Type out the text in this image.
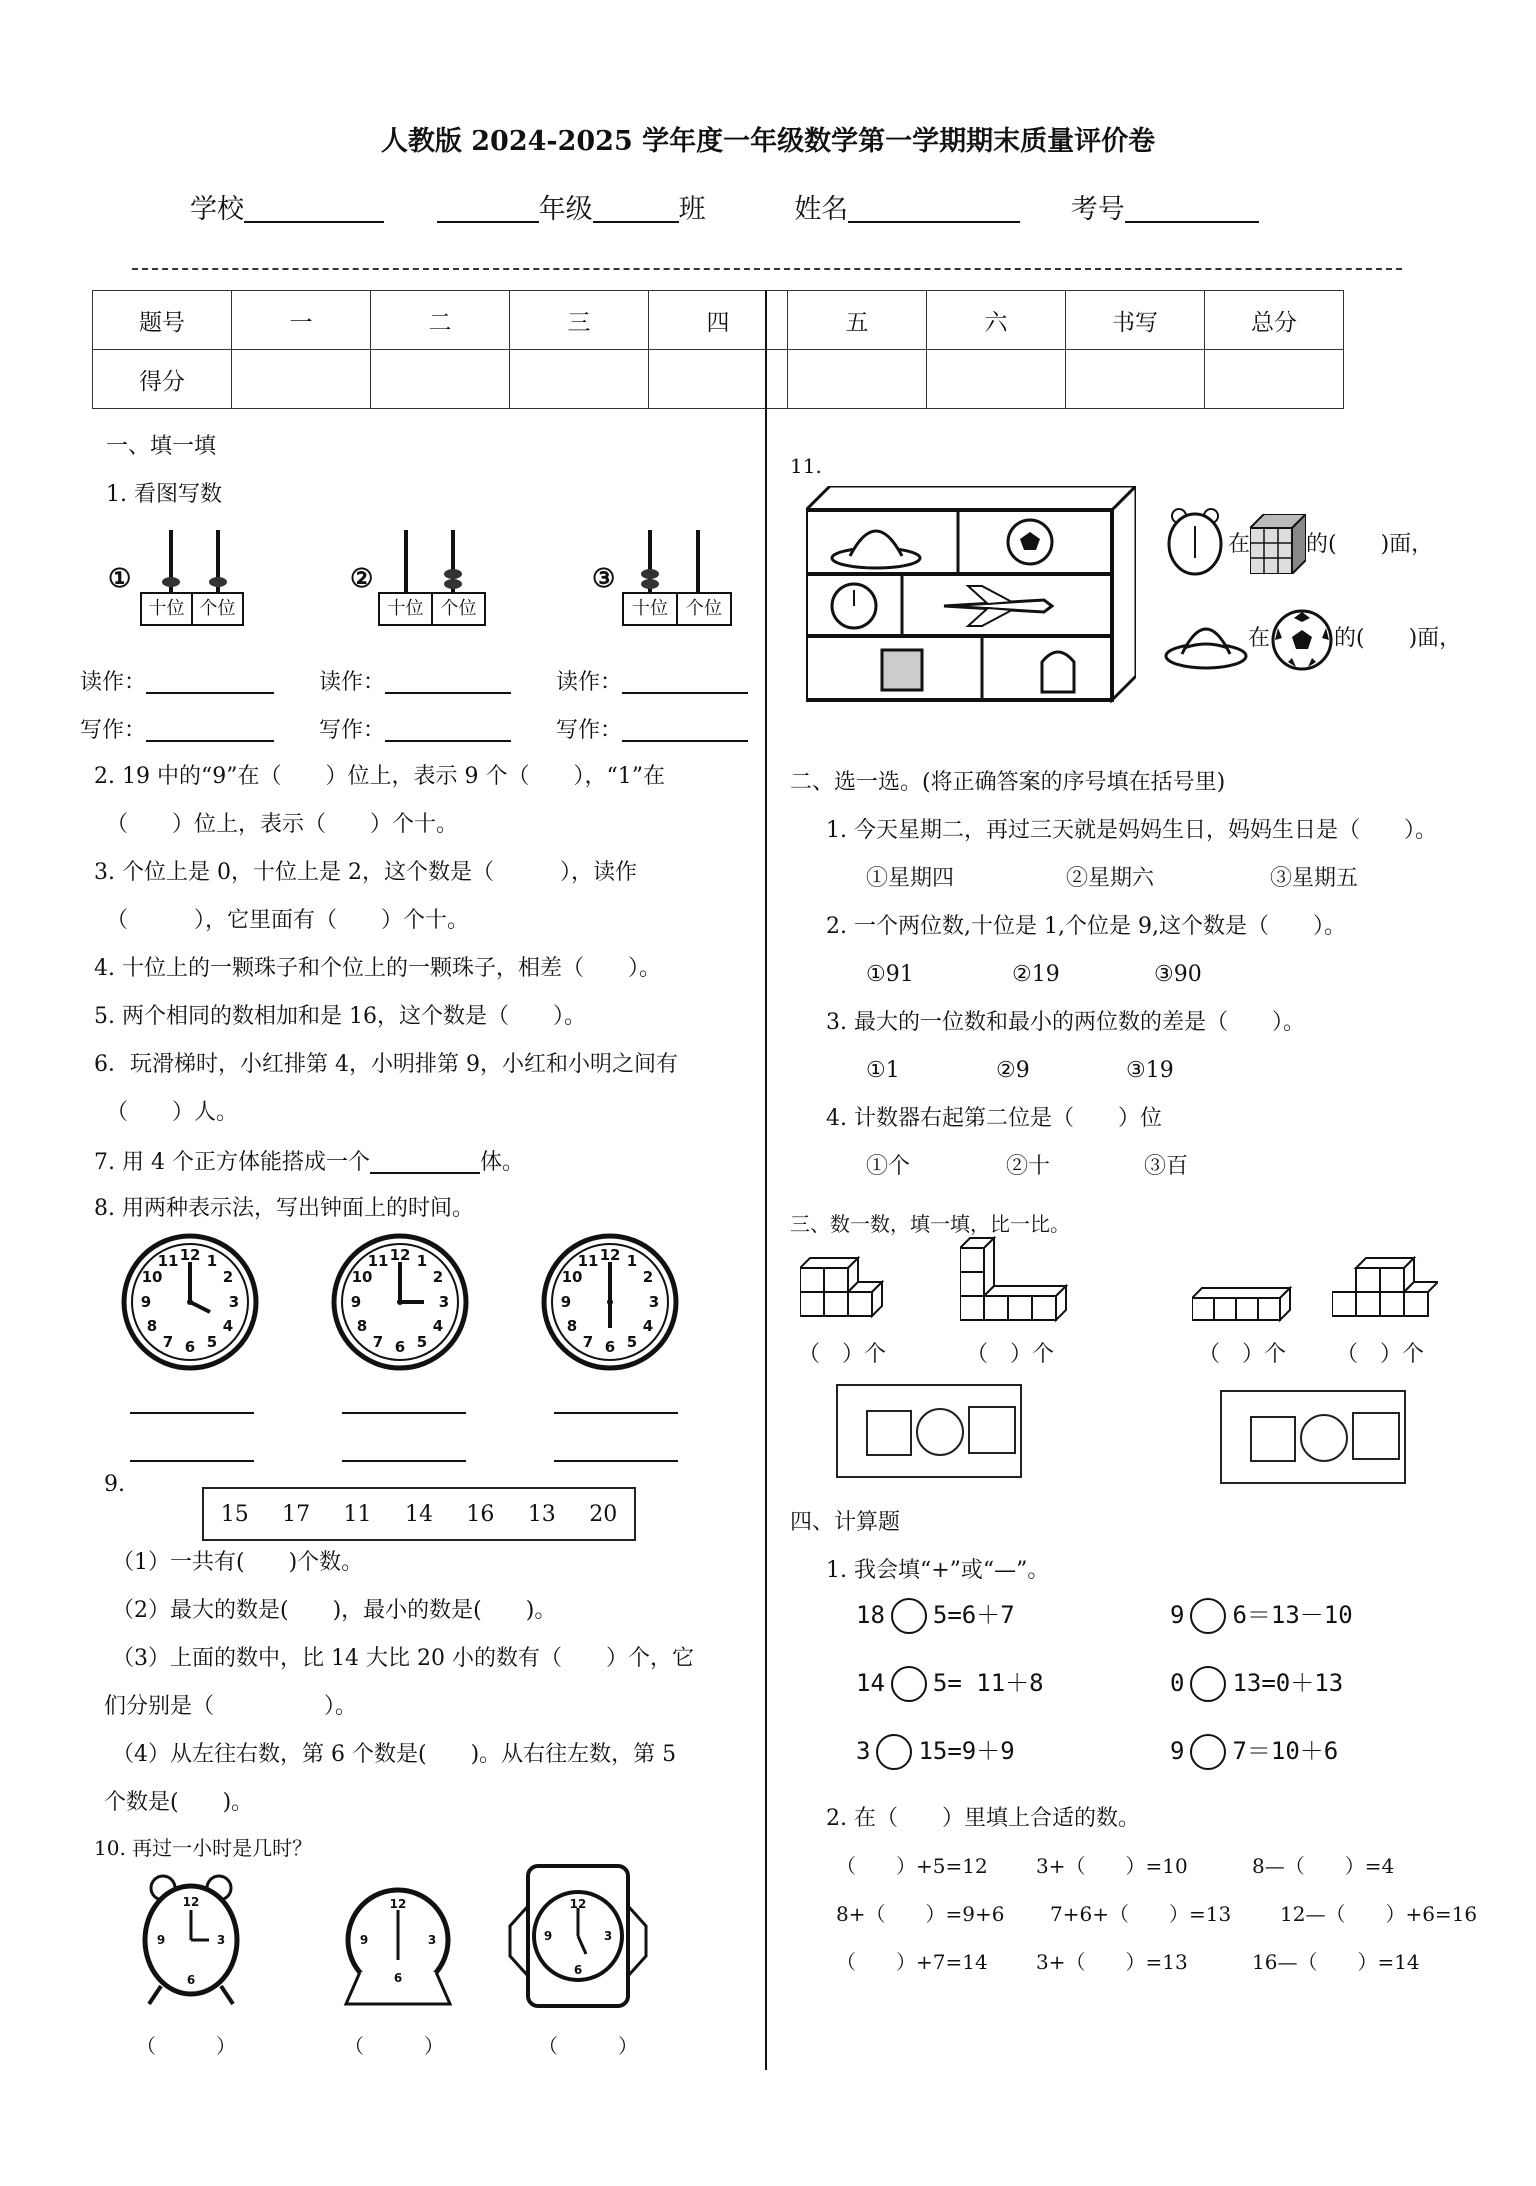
人教版 2024-2025 学年度一年级数学第一学期期末质量评价卷
学校	年级	班	姓名	考号
题号	一	二	三	四	五	六	书写	总分
得分								
一、填一填
1. 看图写数
①
十位 个位
②
十位 个位
③
十位	个位
读作：	读作：	读作：
写作：	写作：	写作：
2. 19 中的“9”在（　　）位上，表示 9 个（　　），“1”在
（　　）位上，表示（　　）个十。
3. 个位上是 0，十位上是 2，这个数是（　　　），读作
（　　　），它里面有（　　）个十。
4. 十位上的一颗珠子和个位上的一颗珠子，相差（　　）。
5. 两个相同的数相加和是 16，这个数是（　　）。
6．玩滑梯时，小红排第 4，小明排第 9，小红和小明之间有
（　　）人。
7. 用 4 个正方体能搭成一个	体。
8. 用两种表示法，写出钟面上的时间。
12 1
2
3
4
5
6
7
8
9
10
11	12 1
2
3
4
5
6
7
8
9
10
11	12 1
2
3
4
5
6
7
8
9
10
11
9.
15 17 11 14 16 13 20
（1）一共有(　　)个数。
（2）最大的数是(　　)，最小的数是(　　)。
（3）上面的数中，比 14 大比 20 小的数有（　　）个，它
们分别是（　　　　　）。
（4）从左往右数，第 6 个数是(　　)。从右往左数，第 5
个数是(　　)。
10. 再过一小时是几时？
12
3
6
9
12
3
6
9
12
3
6
9
（　　　）	（　　　）	（　　　）
11.
在	的(　　)面，
在	的(　　)面，
二、选一选。(将正确答案的序号填在括号里)
1. 今天星期二，再过三天就是妈妈生日，妈妈生日是（　　）。
①星期四	②星期六	③星期五
2. 一个两位数,十位是 1,个位是 9,这个数是（　　）。
①91	②19	③90
3. 最大的一位数和最小的两位数的差是（　　）。
①1	②9	③19
4. 计数器右起第二位是（　　）位
①个	②十	③百
三、数一数，填一填，比一比。
（　）个	（　）个	（　）个 （　）个
四、计算题
1. 我会填“+”或“—”。
18 5=6＋7	9 6＝13－10
14 5= 11＋8	0 13=0＋13
3 15=9＋9	9 7＝10＋6
2. 在（　　）里填上合适的数。
（　　）+5=12 3+（　　）=10	8—（　　）=4
8+（　　）=9+6 7+6+（　　）=13 12—（　　）+6=16
（　　）+7=14 3+（　　）=13	16—（　　）=14
